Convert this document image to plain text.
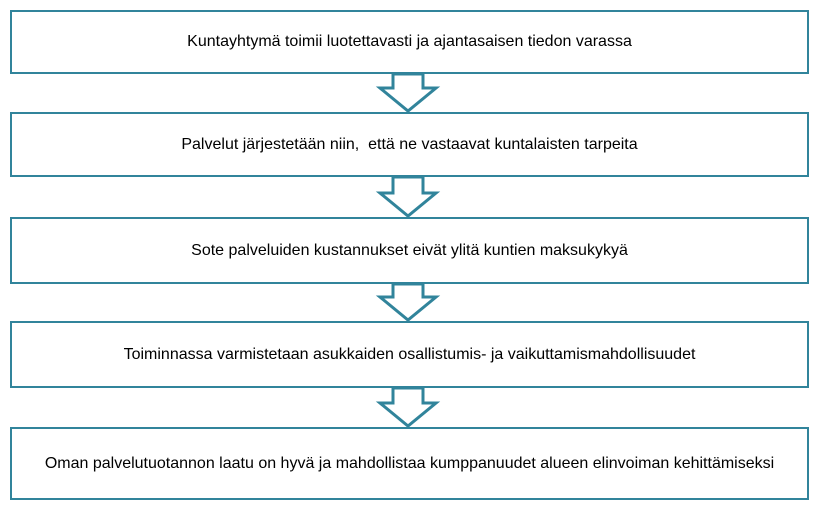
Kuntayhtymä toimii luotettavasti ja ajantasaisen tiedon varassa
Palvelut järjestetään niin,  että ne vastaavat kuntalaisten tarpeita
Sote palveluiden kustannukset eivät ylitä kuntien maksukykyä
Toiminnassa varmistetaan asukkaiden osallistumis- ja vaikuttamismahdollisuudet
Oman palvelutuotannon laatu on hyvä ja mahdollistaa kumppanuudet alueen elinvoiman kehittämiseksi
